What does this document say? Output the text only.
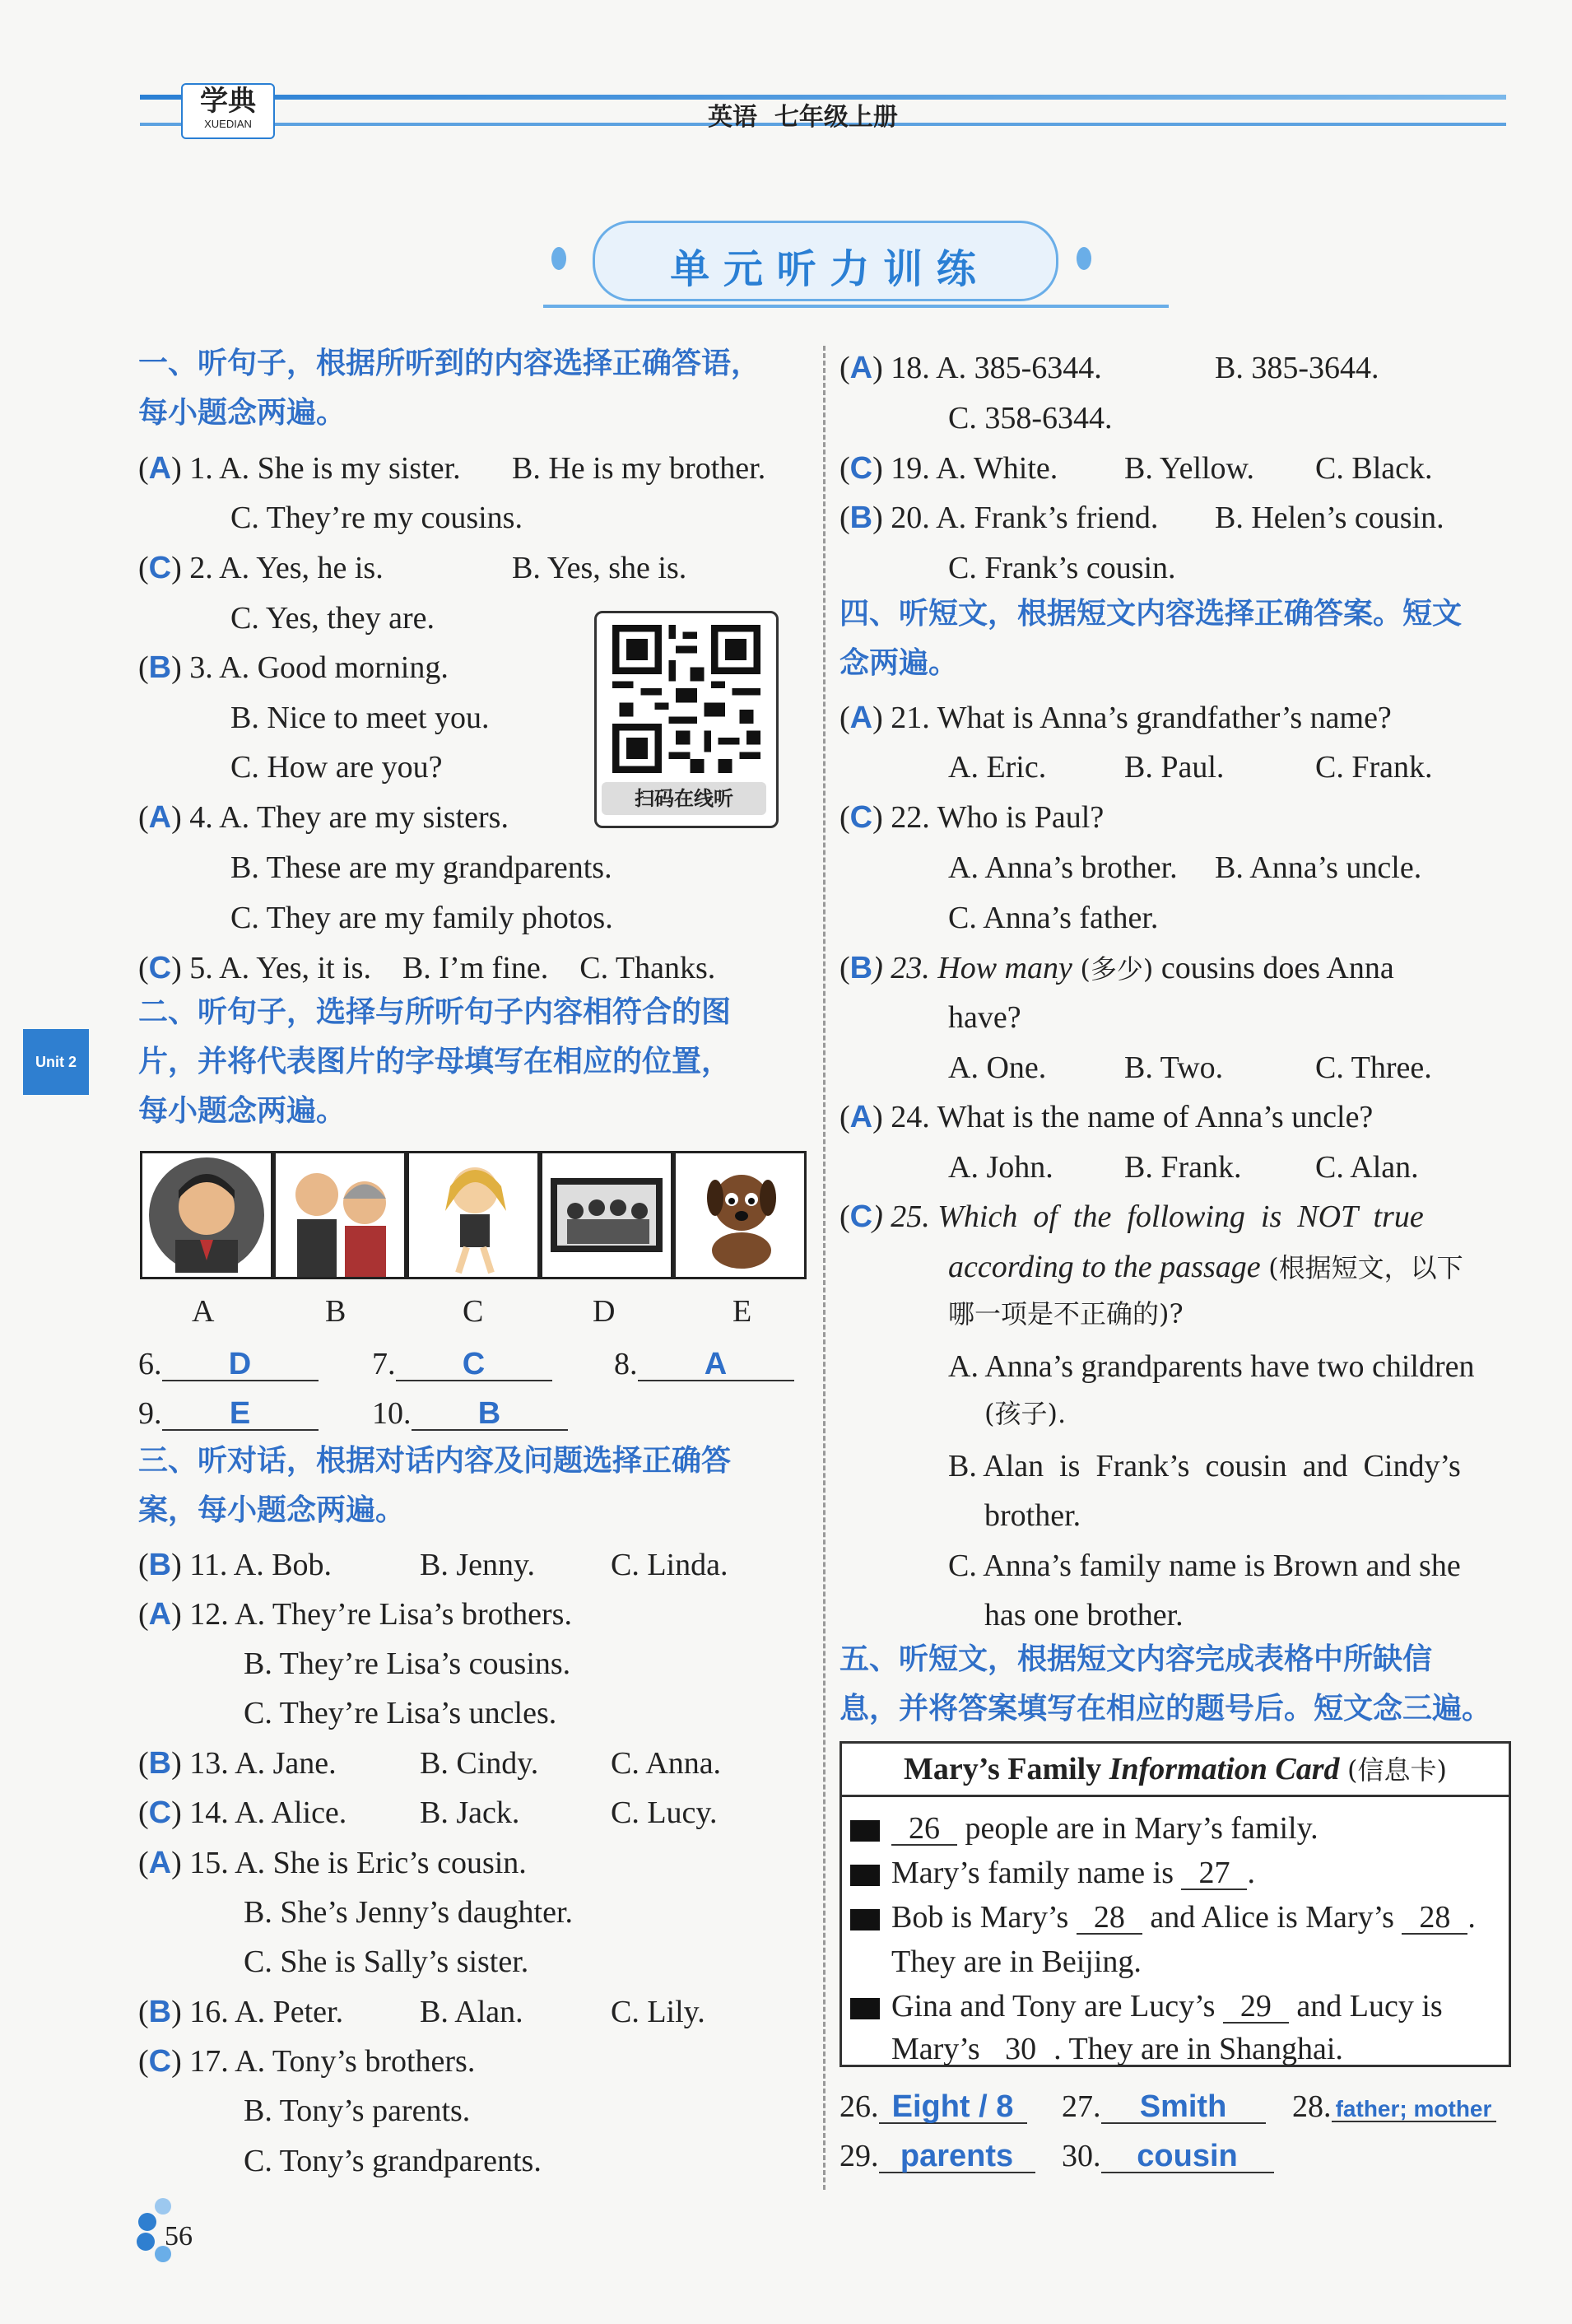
学典
XUEDIAN	英语  七年级上册
单 元 听 力 训 练
Unit 2
一、听句子，根据所听到的内容选择正确答语，
每小题念两遍。
(A) 1. A. She is my sister. B. He is my brother.
C. They’re my cousins.
(C) 2. A. Yes, he is.	B. Yes, she is.
C. Yes, they are.
(B) 3. A. Good morning.
B. Nice to meet you.
C. How are you?
扫码在线听
(A) 4. A. They are my sisters.
B. These are my grandparents.
C. They are my family photos.
(C) 5. A. Yes, it is.    B. I’m fine.    C. Thanks.
二、听句子，选择与所听句子内容相符合的图
片，并将代表图片的字母填写在相应的位置，
每小题念两遍。
A	B	C	D	E
6. D	7. C	8. A
9. E	10. B
三、听对话，根据对话内容及问题选择正确答
案，每小题念两遍。
(B) 11. A. Bob.	B. Jenny. C. Linda.
(A) 12. A. They’re Lisa’s brothers.
B. They’re Lisa’s cousins.
C. They’re Lisa’s uncles.
(B) 13. A. Jane.	B. Cindy. C. Anna.
(C) 14. A. Alice. B. Jack.	C. Lucy.
(A) 15. A. She is Eric’s cousin.
B. She’s Jenny’s daughter.
C. She is Sally’s sister.
(B) 16. A. Peter. B. Alan.	C. Lily.
(C) 17. A. Tony’s brothers.
B. Tony’s parents.
C. Tony’s grandparents.
(A) 18. A. 385-6344.	B. 385-3644.
C. 358-6344.
(C) 19. A. White. B. Yellow. C. Black.
(B) 20. A. Frank’s friend. B. Helen’s cousin.
C. Frank’s cousin.
四、听短文，根据短文内容选择正确答案。短文
念两遍。
(A) 21. What is Anna’s grandfather’s name?
A. Eric. B. Paul.	C. Frank.
(C) 22. Who is Paul?
A. Anna’s brother. B. Anna’s uncle.
C. Anna’s father.
(B) 23. How many (多少) cousins does Anna
have?
A. One. B. Two.	C. Three.
(A) 24. What is the name of Anna’s uncle?
A. John. B. Frank. C. Alan.
(C) 25. Which  of  the  following  is  NOT  true
according to the passage (根据短文，以下
哪一项是不正确的)?
A. Anna’s grandparents have two children
(孩子).
B. Alan  is  Frank’s  cousin  and  Cindy’s
brother.
C. Anna’s family name is Brown and she
has one brother.
五、听短文，根据短文内容完成表格中所缺信
息，并将答案填写在相应的题号后。短文念三遍。
Mary’s Family Information Card (信息卡)
26 people are in Mary’s family.
Mary’s family name is 27 .
Bob is Mary’s 28 and Alice is Mary’s 28 .
They are in Beijing.
Gina and Tony are Lucy’s 29 and Lucy is
Mary’s 30 . They are in Shanghai.
26. Eight / 8	27. Smith	28. father; mother
29. parents	30. cousin
56
